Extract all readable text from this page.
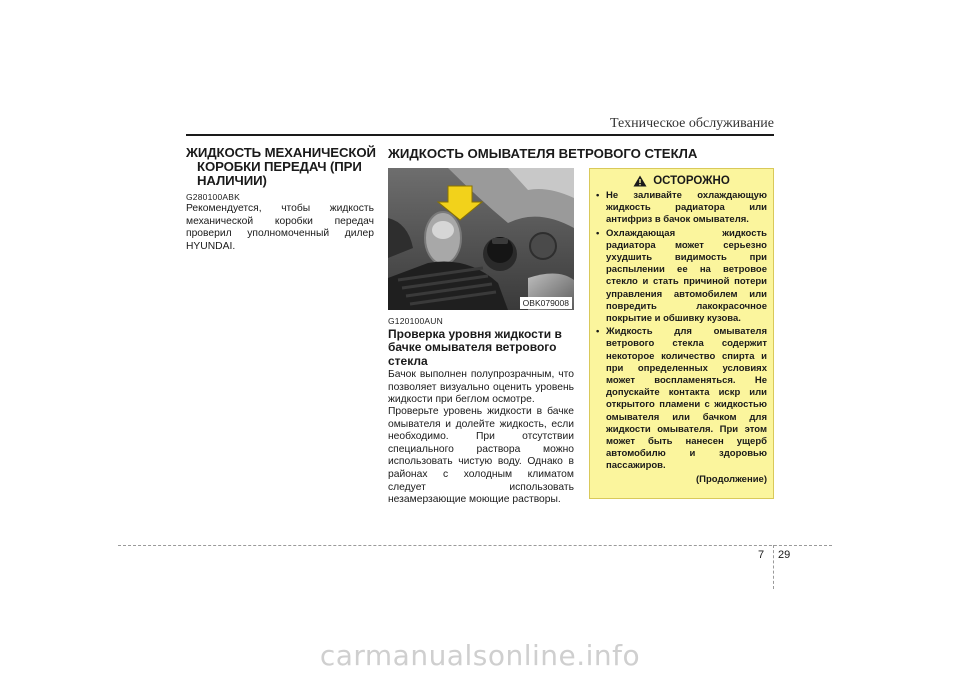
Техническое обслуживание
ЖИДКОСТЬ МЕХАНИЧЕСКОЙ
КОРОБКИ ПЕРЕДАЧ (ПРИ НАЛИЧИИ)
G280100ABK

Рекомендуется, чтобы жидкость механической коробки передач проверил уполномоченный дилер HYUNDAI.

ЖИДКОСТЬ ОМЫВАТЕЛЯ ВЕТРОВОГО СТЕКЛА
OBK079008
G120100AUN
Проверка уровня жидкости в бачке омывателя ветрового стекла

Бачок выполнен полупрозрачным, что позволяет визуально оценить уровень жидкости при беглом осмотре.

Проверьте уровень жидкости в бачке омывателя и долейте жидкость, если необходимо. При отсутствии специального раствора можно использовать чистую воду. Однако в районах с холодным климатом следует использовать незамерзающие моющие растворы.

ОСТОРОЖНО
• Не заливайте охлаждающую жидкость радиатора или антифриз в бачок омывателя.
• Охлаждающая жидкость радиатора может серьезно ухудшить видимость при распылении ее на ветровое стекло и стать причиной потери управления автомобилем или повредить лакокрасочное покрытие и обшивку кузова.
• Жидкость для омывателя ветрового стекла содержит некоторое количество спирта и при определенных условиях может воспламеняться. Не допускайте контакта искр или открытого пламени с жидкостью омывателя или бачком для жидкости омывателя. При этом может быть нанесен ущерб автомобилю и здоровью пассажиров.
(Продолжение)
7 29
carmanualsonline.info
